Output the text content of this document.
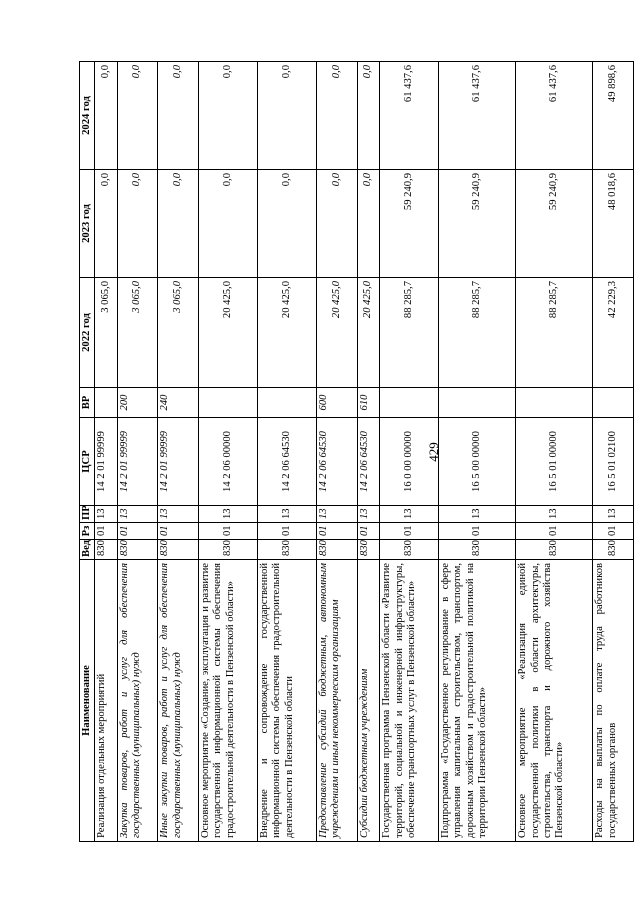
429
Наименование	Вед	Рз	ПР	ЦСР	ВР	2022 год	2023 год	2024 год
Реализация отдельных мероприятий	830	01	13	14 2 01 99999		3 065,0	0,0	0,0
Закупка товаров, работ и услуг для обеспечения государственных (муниципальных) нужд	830	01	13	14 2 01 99999	200	3 065,0	0,0	0,0
Иные закупки товаров, работ и услуг для обеспечения государственных (муниципальных) нужд	830	01	13	14 2 01 99999	240	3 065,0	0,0	0,0
Основное мероприятие «Создание, эксплуатация и развитие государственной информационной системы обеспечения градостроительной деятельности в Пензенской области»	830	01	13	14 2 06 00000		20 425,0	0,0	0,0
Внедрение и сопровождение государственной информационной системы обеспечения градостроительной деятельности в Пензенской области	830	01	13	14 2 06 64530		20 425,0	0,0	0,0
Предоставление субсидий бюджетным, автономным учреждениям и иным некоммерческим организациям	830	01	13	14 2 06 64530	600	20 425,0	0,0	0,0
Субсидии бюджетным учреждениям	830	01	13	14 2 06 64530	610	20 425,0	0,0	0,0
Государственная программа Пензенской области «Развитие территорий, социальной и инженерной инфраструктуры, обеспечение транспортных услуг в Пензенской области»	830	01	13	16 0 00 00000		88 285,7	59 240,9	61 437,6
Подпрограмма «Государственное регулирование в сфере управления капитальным строительством, транспортом, дорожным хозяйством и градостроительной политикой на территории Пензенской области»	830	01	13	16 5 00 00000		88 285,7	59 240,9	61 437,6
Основное мероприятие «Реализация единой государственной политики в области архитектуры, строительства, транспорта и дорожного хозяйства Пензенской области»	830	01	13	16 5 01 00000		88 285,7	59 240,9	61 437,6
Расходы на выплаты по оплате труда работников государственных органов	830	01	13	16 5 01 02100		42 229,3	48 018,6	49 898,6
